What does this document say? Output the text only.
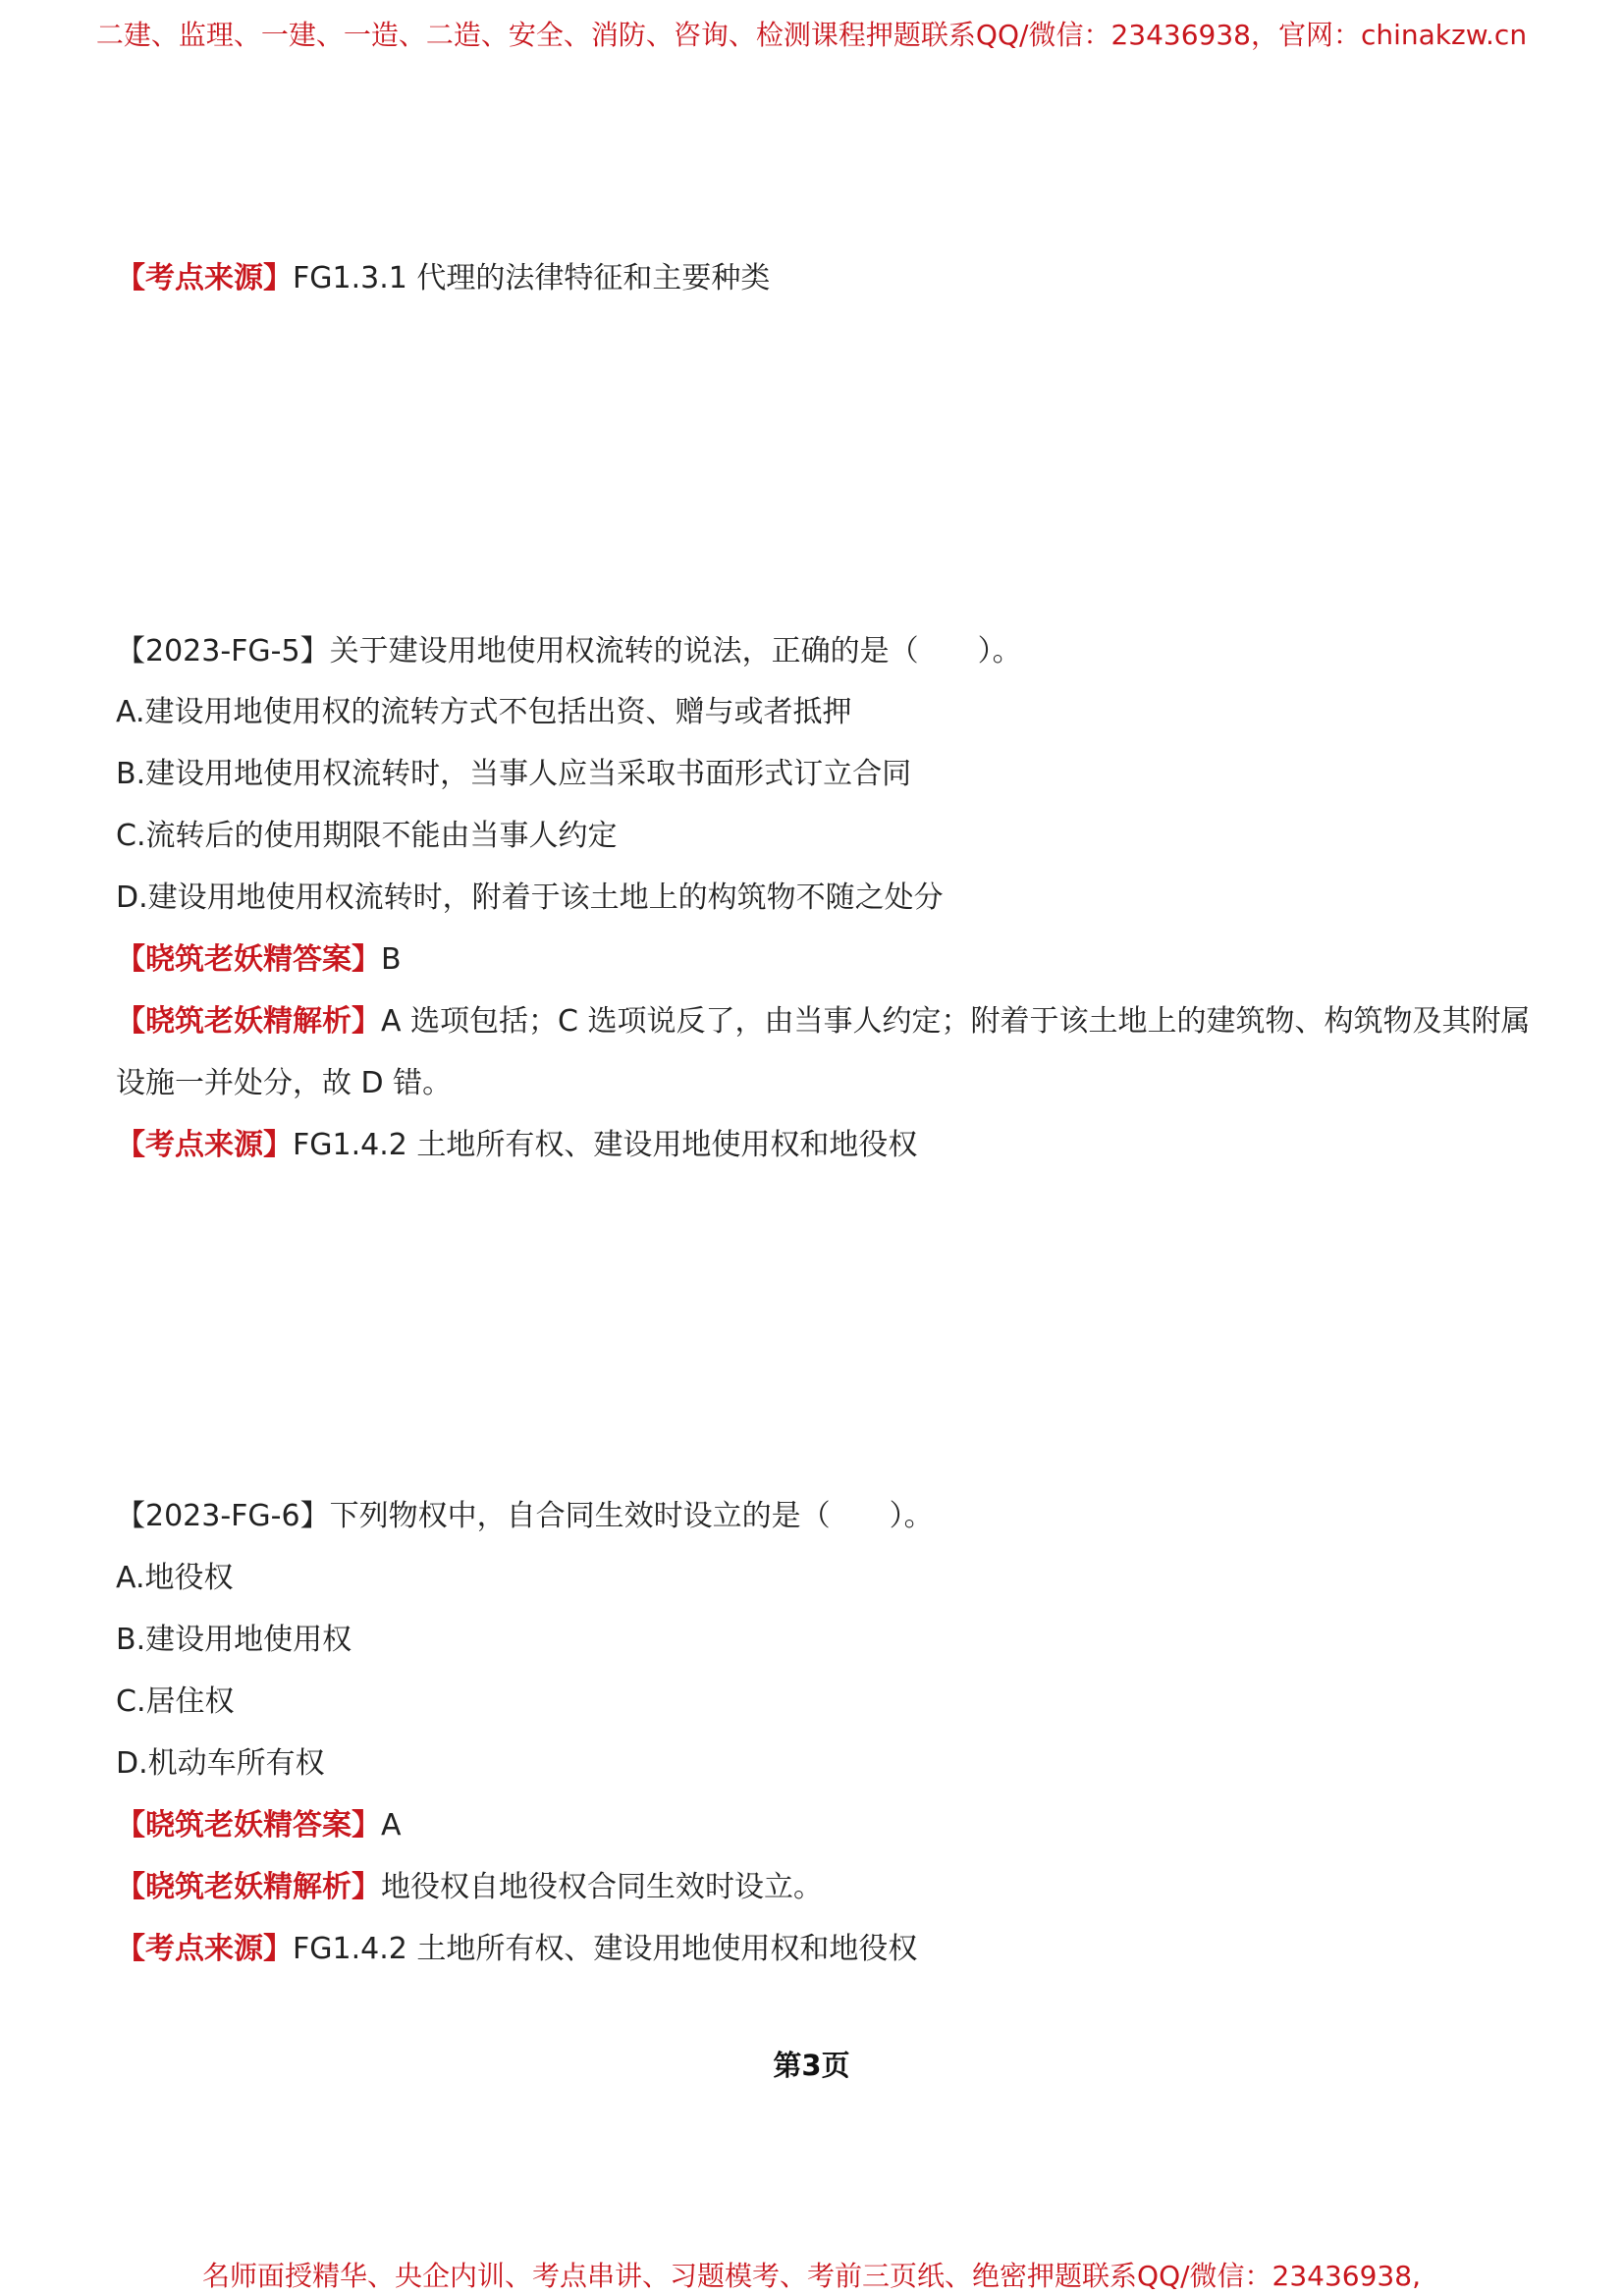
二建、监理、一建、一造、二造、安全、消防、咨询、检测课程押题联系QQ/微信：23436938，官网：chinakzw.cn
【考点来源】FG1.3.1 代理的法律特征和主要种类
【2023-FG-5】关于建设用地使用权流转的说法，正确的是（　　）。
A.建设用地使用权的流转方式不包括出资、赠与或者抵押
B.建设用地使用权流转时，当事人应当采取书面形式订立合同
C.流转后的使用期限不能由当事人约定
D.建设用地使用权流转时，附着于该土地上的构筑物不随之处分
【晓筑老妖精答案】B
【晓筑老妖精解析】A 选项包括；C 选项说反了，由当事人约定；附着于该土地上的建筑物、构筑物及其附属
设施一并处分，故 D 错。
【考点来源】FG1.4.2 土地所有权、建设用地使用权和地役权
【2023-FG-6】下列物权中，自合同生效时设立的是（　　）。
A.地役权
B.建设用地使用权
C.居住权
D.机动车所有权
【晓筑老妖精答案】A
【晓筑老妖精解析】地役权自地役权合同生效时设立。
【考点来源】FG1.4.2 土地所有权、建设用地使用权和地役权
第3页
名师面授精华、央企内训、考点串讲、习题模考、考前三页纸、绝密押题联系QQ/微信：23436938,
